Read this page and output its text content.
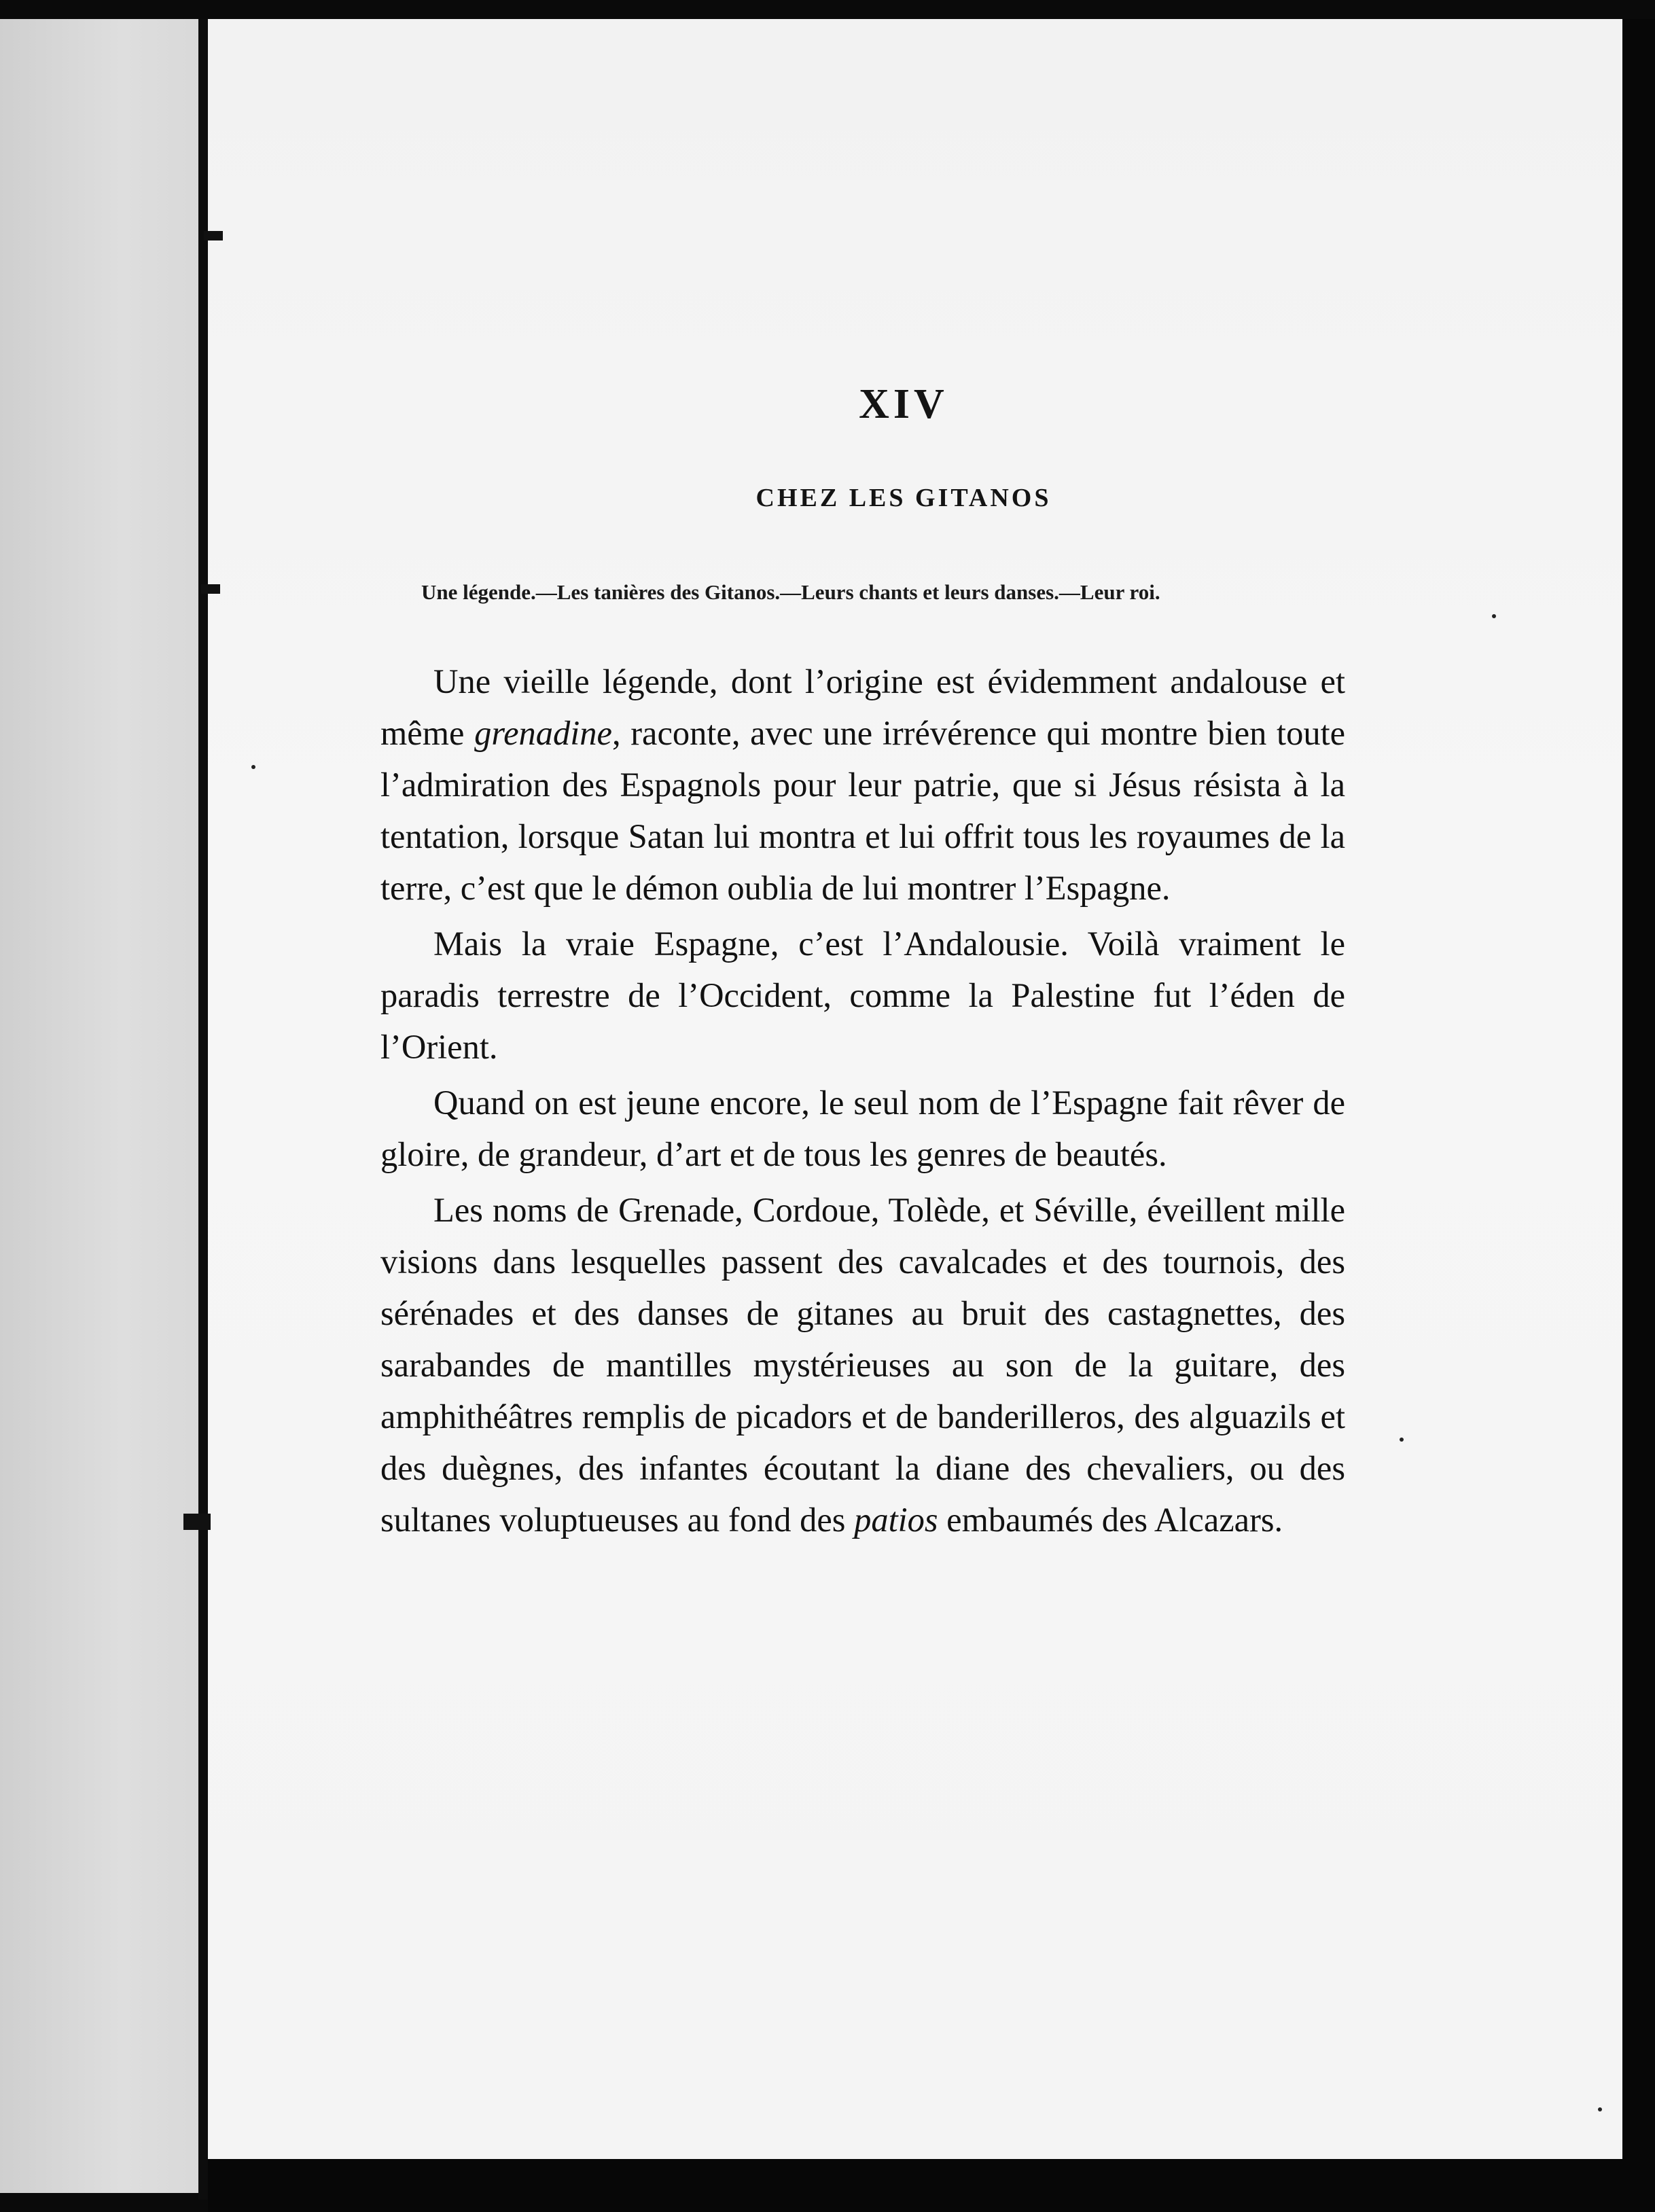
XIV
CHEZ LES GITANOS
Une légende.—Les tanières des Gitanos.—Leurs chants et leurs danses.—Leur roi.

Une vieille légende, dont l’origine est évidemment andalouse et même grenadine, raconte, avec une irrévérence qui montre bien toute l’admiration des Espagnols pour leur patrie, que si Jésus résista à la tentation, lorsque Satan lui montra et lui offrit tous les royaumes de la terre, c’est que le démon oublia de lui montrer l’Espagne.

Mais la vraie Espagne, c’est l’Andalousie. Voilà vraiment le paradis terrestre de l’Occident, comme la Palestine fut l’éden de l’Orient.

Quand on est jeune encore, le seul nom de l’Espagne fait rêver de gloire, de grandeur, d’art et de tous les genres de beautés.

Les noms de Grenade, Cordoue, Tolède, et Séville, éveillent mille visions dans lesquelles passent des cavalcades et des tournois, des sérénades et des danses de gitanes au bruit des castagnettes, des sarabandes de mantilles mystérieuses au son de la guitare, des amphithéâtres remplis de picadors et de banderilleros, des alguazils et des duègnes, des infantes écoutant la diane des chevaliers, ou des sultanes voluptueuses au fond des patios embaumés des Alcazars.
